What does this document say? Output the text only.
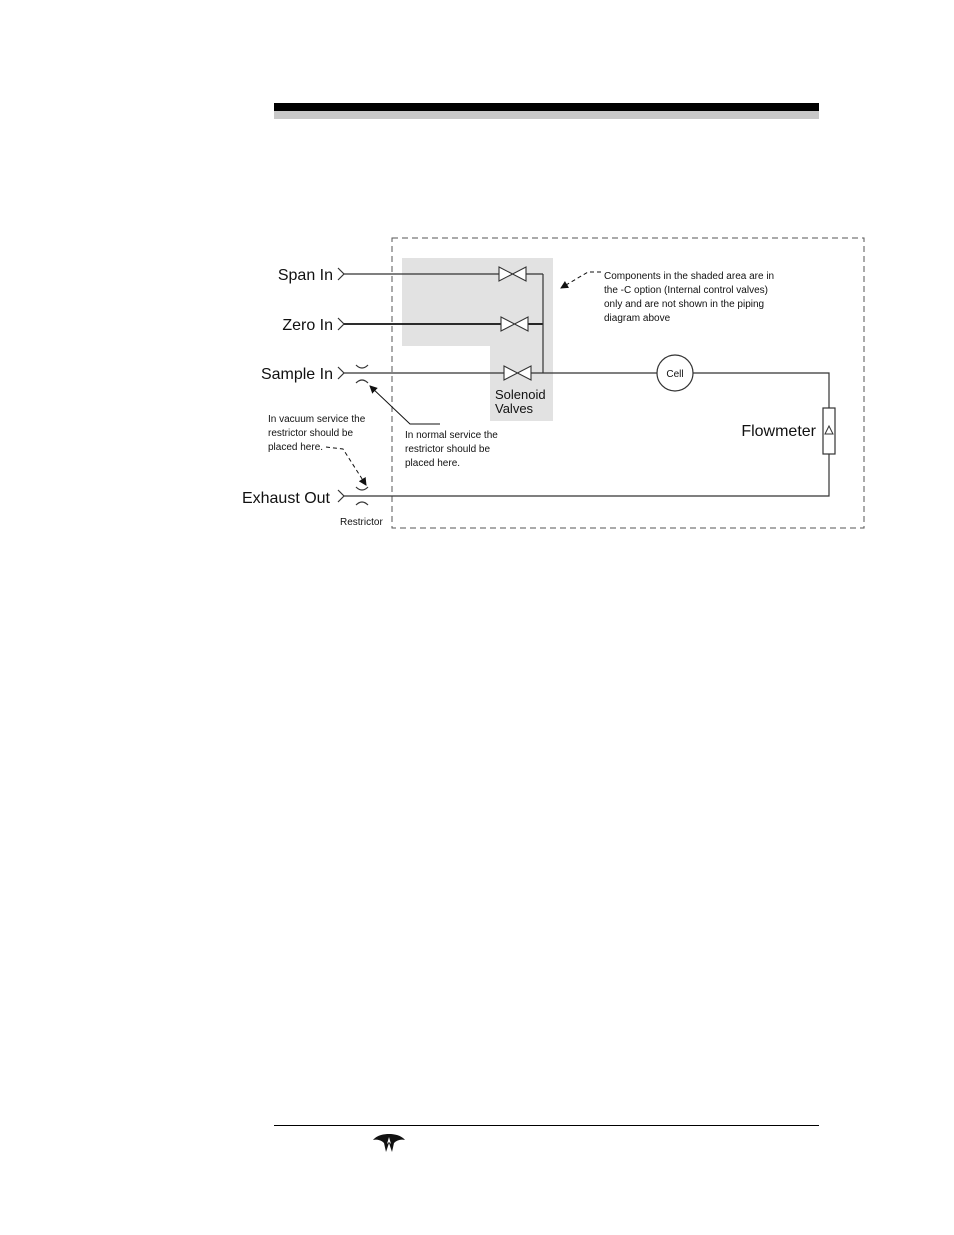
Cell
Flowmeter
Span In
Zero In
Sample In
Exhaust Out
Solenoid
Valves
Restrictor
Components in the shaded area are in
the -C option (Internal control valves)
only and are not shown in the piping
diagram above
In normal service the
restrictor should be
placed here.
In vacuum service the
restrictor should be
placed here.
